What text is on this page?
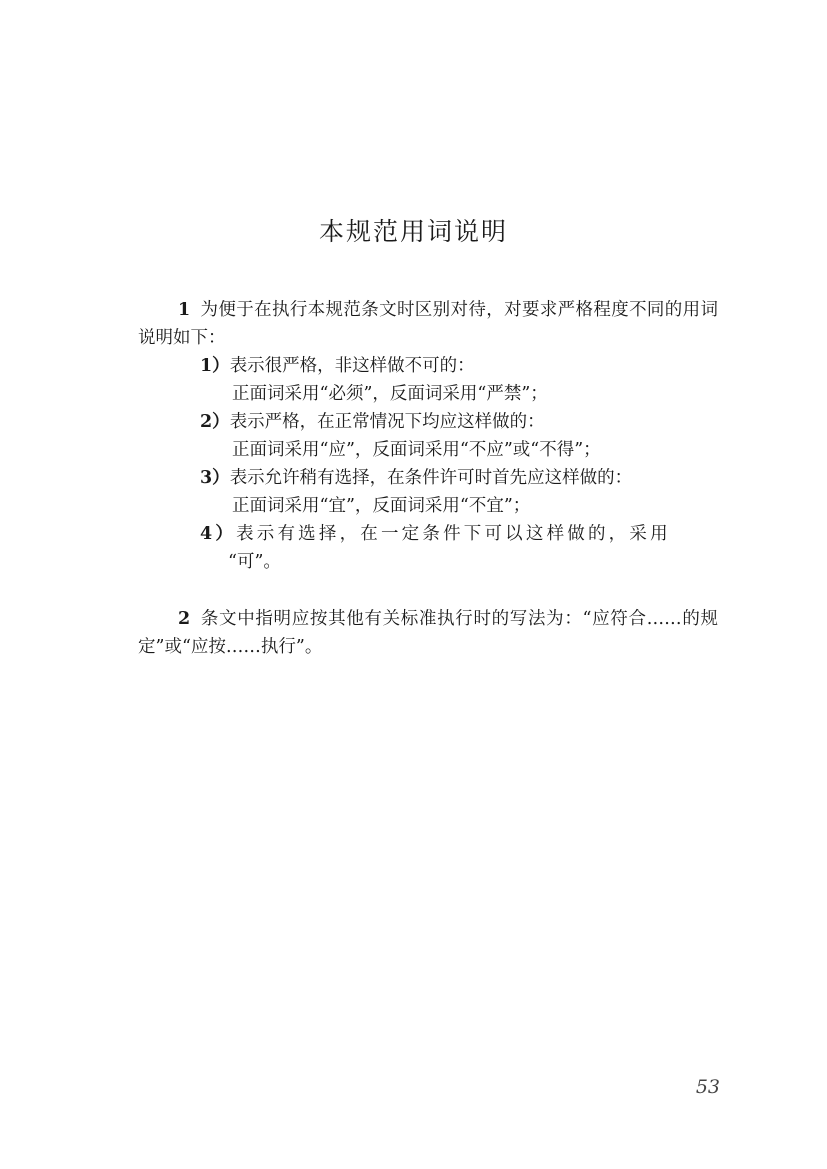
本规范用词说明

1 为便于在执行本规范条文时区别对待，对要求严格程度不同的用词说明如下：

1）表示很严格，非这样做不可的：

正面词采用“必须”，反面词采用“严禁”；

2）表示严格，在正常情况下均应这样做的：

正面词采用“应”，反面词采用“不应”或“不得”；

3）表示允许稍有选择，在条件许可时首先应这样做的：

正面词采用“宜”，反面词采用“不宜”；

4）表示有选择，在一定条件下可以这样做的，采用

“可”。

2 条文中指明应按其他有关标准执行时的写法为：“应符合……的规定”或“应按……执行”。

53
